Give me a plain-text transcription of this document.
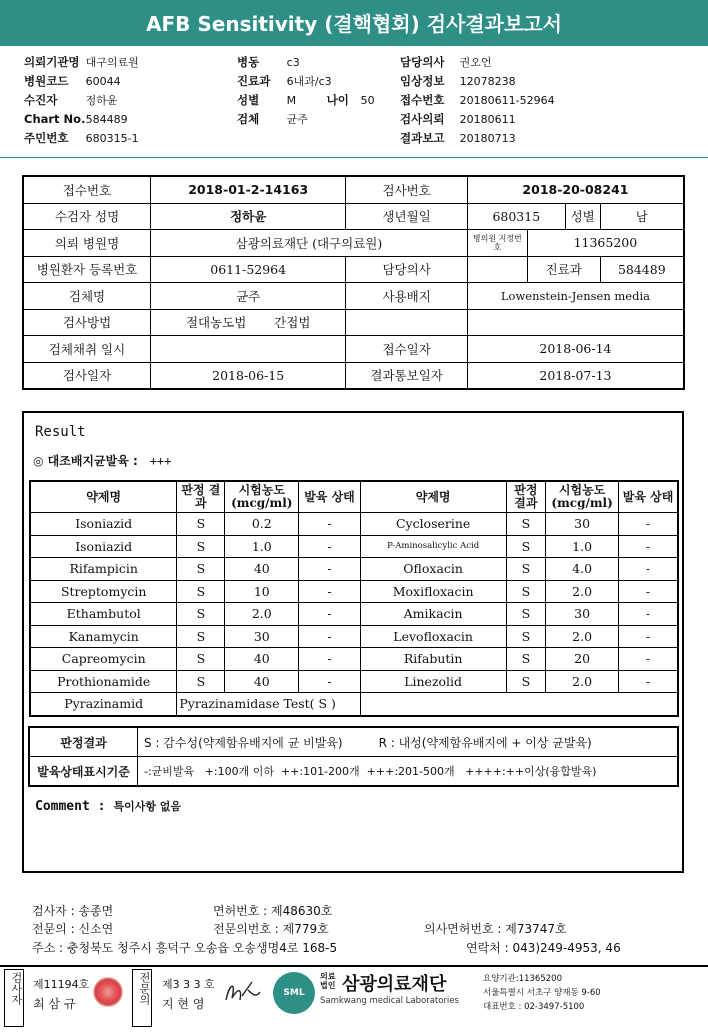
AFB Sensitivity (결핵협회) 검사결과보고서
의뢰기관명 대구의료원
병원코드 60044
수진자	정하윤
Chart No. 584489
주민번호 680315-1
병동 c3
진료과 6내과/c3
성별 M	나이 50
검체 균주
담당의사 권오언
임상정보 12078238
접수번호 20180611-52964
검사의뢰 20180611
결과보고 20180713
접수번호	2018-01-2-14163	검사번호	2018-20-08241			
수검자 성명	정하윤	생년월일	680315		성별	남
의뢰 병원명	삼광의료재단 (대구의료원)		병의원 지정번호	11365200		
병원환자 등록번호	0611-52964	담당의사		진료과		584489
검체명	균주	사용배지	Lowenstein-Jensen media			
검사방법	절대농도법 간접법					
검체채취 일시		접수일자	2018-06-14			
검사일자	2018-06-15	결과통보일자	2018-07-13			
Result
◎ 대조배지균발육 : +++
약제명	판정 결과	시험농도 (mcg/ml)	발육 상태	약제명	판정 결과	시험농도 (mcg/ml)	발육 상태
Isoniazid	S	0.2	-	Cycloserine	S	30	-
Isoniazid	S	1.0	-	P-Aminosalicylic Acid	S	1.0	-
Rifampicin	S	40	-	Ofloxacin	S	4.0	-
Streptomycin	S	10	-	Moxifloxacin	S	2.0	-
Ethambutol	S	2.0	-	Amikacin	S	30	-
Kanamycin	S	30	-	Levofloxacin	S	2.0	-
Capreomycin	S	40	-	Rifabutin	S	20	-
Prothionamide	S	40	-	Linezolid	S	2.0	-
Pyrazinamid	Pyrazinamidase Test( S )						
판정결과	S : 감수성(약제함유배지에 균 비발육) R : 내성(약제함유배지에 + 이상 균발육)
발육상태표시기준	-:균비발육   +:100개 이하  ++:101-200개  +++:201-500개   ++++:++이상(융합발육)
Comment : 특이사항 없음
검사자 : 송종면	면허번호 : 제48630호
전문의 : 신소연	전문의번호 : 제779호	의사면허번호 : 제73747호
주소 : 충청북도 청주시 흥덕구 오송읍 오송생명4로 168-5	연락처 : 043)249-4953, 46
검사자 제11194호
최 삼 규	전문의 제3 3 3 호
지 현 영
SML
의료법인 삼광의료재단
Samkwang medical Laboratories
요양기관:11365200
서울특별시 서초구 양재동 9-60
대표번호 : 02-3497-5100
